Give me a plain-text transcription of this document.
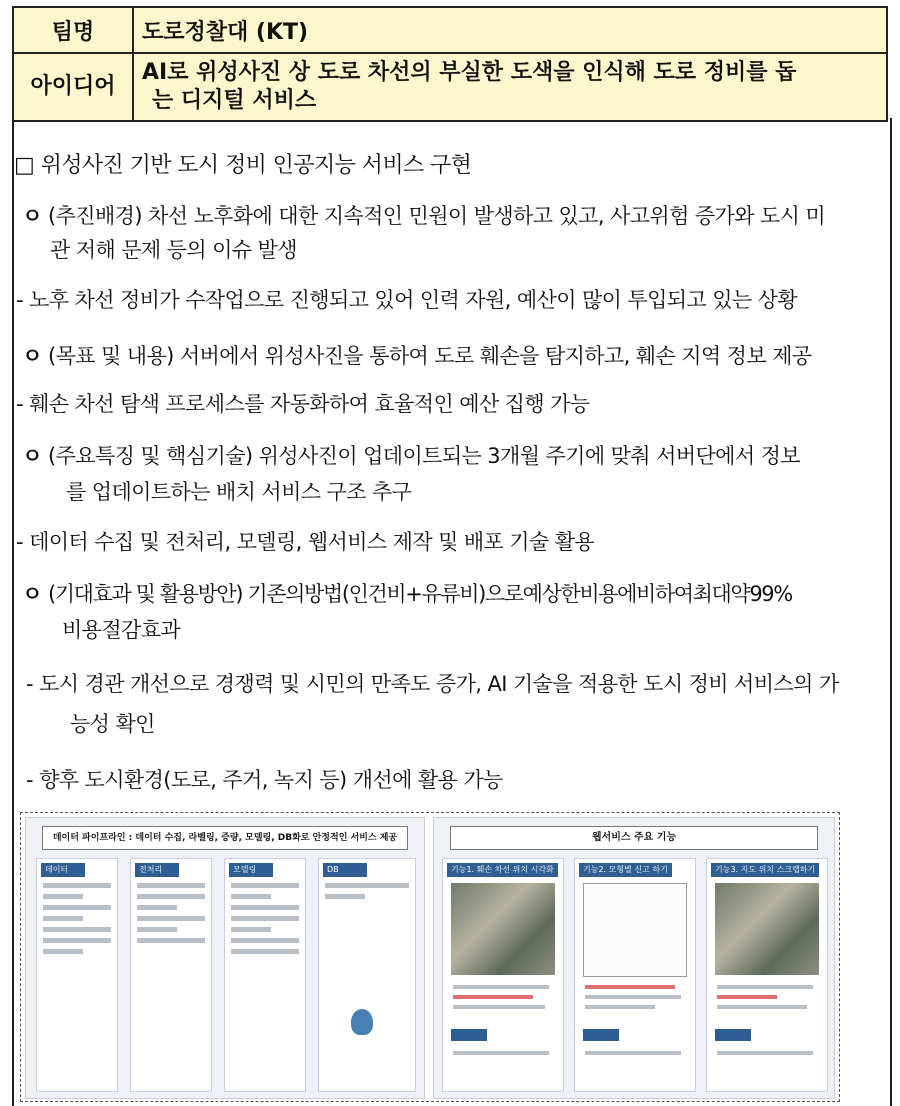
팀명	도로정찰대 (KT)
아이디어	AI로 위성사진 상 도로 차선의 부실한 도색을 인식해 도로 정비를 돕
는 디지털 서비스
□ 위성사진 기반 도시 정비 인공지능 서비스 구현
ㅇ (추진배경) 차선 노후화에 대한 지속적인 민원이 발생하고 있고, 사고위험 증가와 도시 미
관 저해 문제 등의 이슈 발생
- 노후 차선 정비가 수작업으로 진행되고 있어 인력 자원, 예산이 많이 투입되고 있는 상황
ㅇ (목표 및 내용) 서버에서 위성사진을 통하여 도로 훼손을 탐지하고, 훼손 지역 정보 제공
- 훼손 차선 탐색 프로세스를 자동화하여 효율적인 예산 집행 가능
ㅇ (주요특징 및 핵심기술) 위성사진이 업데이트되는 3개월 주기에 맞춰 서버단에서 정보
를 업데이트하는 배치 서비스 구조 추구
- 데이터 수집 및 전처리, 모델링, 웹서비스 제작 및 배포 기술 활용
ㅇ (기대효과 및 활용방안) 기존의방법(인건비+유류비)으로예상한비용에비하여최대약99%
비용절감효과
- 도시 경관 개선으로 경쟁력 및 시민의 만족도 증가, AI 기술을 적용한 도시 정비 서비스의 가
능성 확인
- 향후 도시환경(도로, 주거, 녹지 등) 개선에 활용 가능
데이터 파이프라인 : 데이터 수집, 라벨링, 증량, 모델링, DB화로 안정적인 서비스 제공
데이터	전처리	모델링	DB
웹서비스 주요 기능
기능1. 훼손 차선 위치 시각화	기능2. 모형별 신고 하기	기능3. 지도 위치 스크랩하기
